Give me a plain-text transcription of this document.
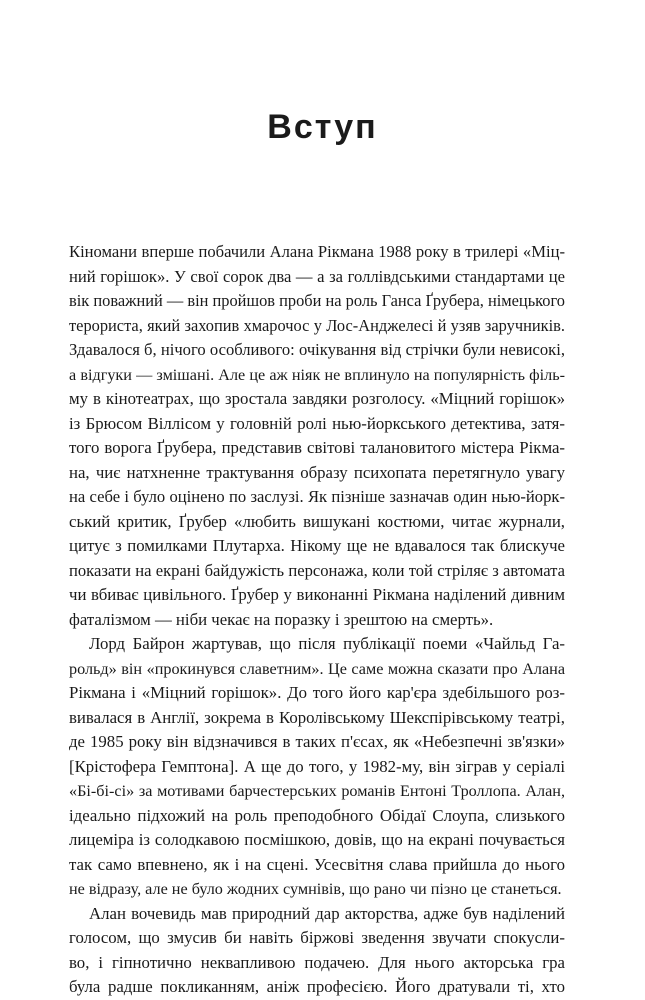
Вступ
Кіномани вперше побачили Алана Рікмана 1988 року в трилері «Міц-
ний горішок». У свої сорок два — а за голлівдськими стандартами це
вік поважний — він пройшов проби на роль Ганса Ґрубера, німецького
терориста, який захопив хмарочос у Лос-Анджелесі й узяв заручників.
Здавалося б, нічого особливого: очікування від стрічки були невисокі,
а відгуки — змішані. Але це аж ніяк не вплинуло на популярність філь-
му в кінотеатрах, що зростала завдяки розголосу. «Міцний горішок»
із Брюсом Віллісом у головній ролі нью-йоркського детектива, затя-
того ворога Ґрубера, представив світові талановитого містера Рікма-
на, чиє натхненне трактування образу психопата перетягнуло увагу
на себе і було оцінено по заслузі. Як пізніше зазначав один нью-йорк-
ський критик, Ґрубер «любить вишукані костюми, читає журнали,
цитує з помилками Плутарха. Нікому ще не вдавалося так блискуче
показати на екрані байдужість персонажа, коли той стріляє з автомата
чи вбиває цивільного. Ґрубер у виконанні Рікмана наділений дивним
фаталізмом — ніби чекає на поразку і зрештою на смерть».
Лорд Байрон жартував, що після публікації поеми «Чайльд Га-
рольд» він «прокинувся славетним». Це саме можна сказати про Алана
Рікмана і «Міцний горішок». До того його кар'єра здебільшого роз-
вивалася в Англії, зокрема в Королівському Шекспірівському театрі,
де 1985 року він відзначився в таких п'єсах, як «Небезпечні зв'язки»
[Крістофера Гемптона]. А ще до того, у 1982-му, він зіграв у серіалі
«Бі-бі-сі» за мотивами барчестерських романів Ентоні Троллопа. Алан,
ідеально підхожий на роль преподобного Обідаї Слоупа, слизького
лицеміра із солодкавою посмішкою, довів, що на екрані почувається
так само впевнено, як і на сцені. Усесвітня слава прийшла до нього
не відразу, але не було жодних сумнівів, що рано чи пізно це станеться.
Алан вочевидь мав природний дар акторства, адже був наділений
голосом, що змусив би навіть біржові зведення звучати спокусли-
во, і гіпнотично неквапливою подачею. Для нього акторська гра
була радше покликанням, аніж професією. Його дратували ті, хто
